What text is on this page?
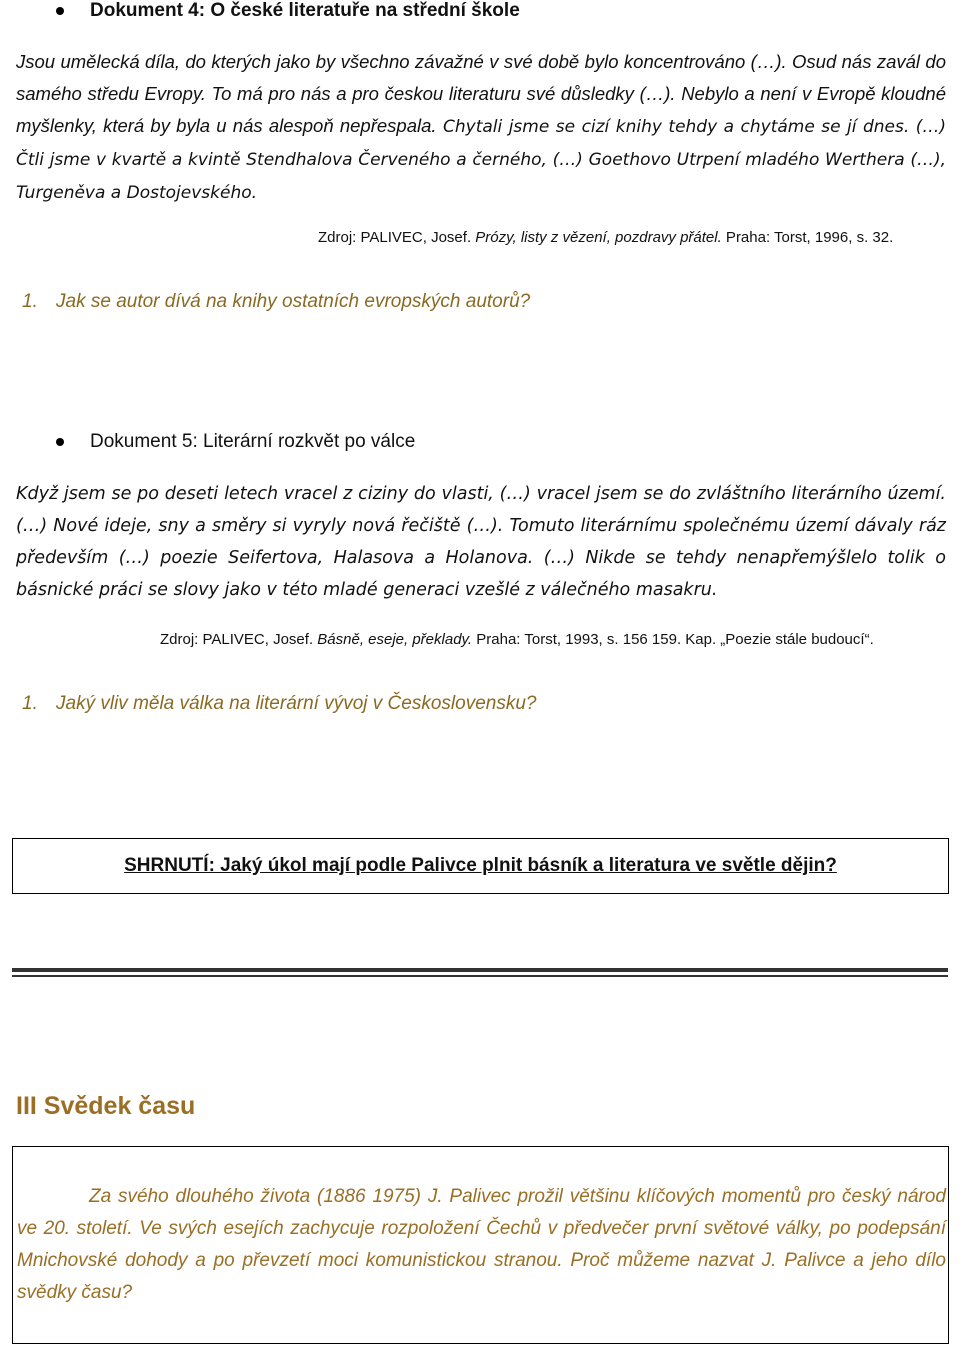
Dokument 4: O české literatuře na střední škole
Jsou umělecká díla, do kterých jako by všechno závažné v své době bylo koncentrováno (…). Osud nás zavál do samého středu Evropy. To má pro nás a pro českou literaturu své důsledky (…). Nebylo a není v Evropě kloudné myšlenky, která by byla u nás alespoň nepřespala. Chytali jsme se cizí knihy tehdy a chytáme se jí dnes. (…) Čtli jsme v kvartě a kvintě Stendhalova Červeného a černého, (…) Goethovo Utrpení mladého Werthera (…), Turgeněva a Dostojevského.
Zdroj: PALIVEC, Josef. Prózy, listy z vězení, pozdravy přátel. Praha: Torst, 1996, s. 32.
1. Jak se autor dívá na knihy ostatních evropských autorů?
Dokument 5: Literární rozkvět po válce
Když jsem se po deseti letech vracel z ciziny do vlasti, (…) vracel jsem se do zvláštního literárního území. (…) Nové ideje, sny a směry si vyryly nová řečiště (…). Tomuto literárnímu společnému území dávaly ráz především (…) poezie Seifertova, Halasova a Holanova. (…) Nikde se tehdy nenapřemýšlelo tolik o básnické práci se slovy jako v této mladé generaci vzešlé z válečného masakru.
Zdroj: PALIVEC, Josef. Básně, eseje, překlady. Praha: Torst, 1993, s. 156 159. Kap. „Poezie stále budoucí“.
1. Jaký vliv měla válka na literární vývoj v Československu?
SHRNUTÍ: Jaký úkol mají podle Palivce plnit básník a literatura ve světle dějin?
III Svědek času
Za svého dlouhého života (1886 1975) J. Palivec prožil většinu klíčových momentů pro český národ ve 20. století. Ve svých esejích zachycuje rozpoložení Čechů v předvečer první světové války, po podepsání Mnichovské dohody a po převzetí moci komunistickou stranou. Proč můžeme nazvat J. Palivce a jeho dílo svědky času?
